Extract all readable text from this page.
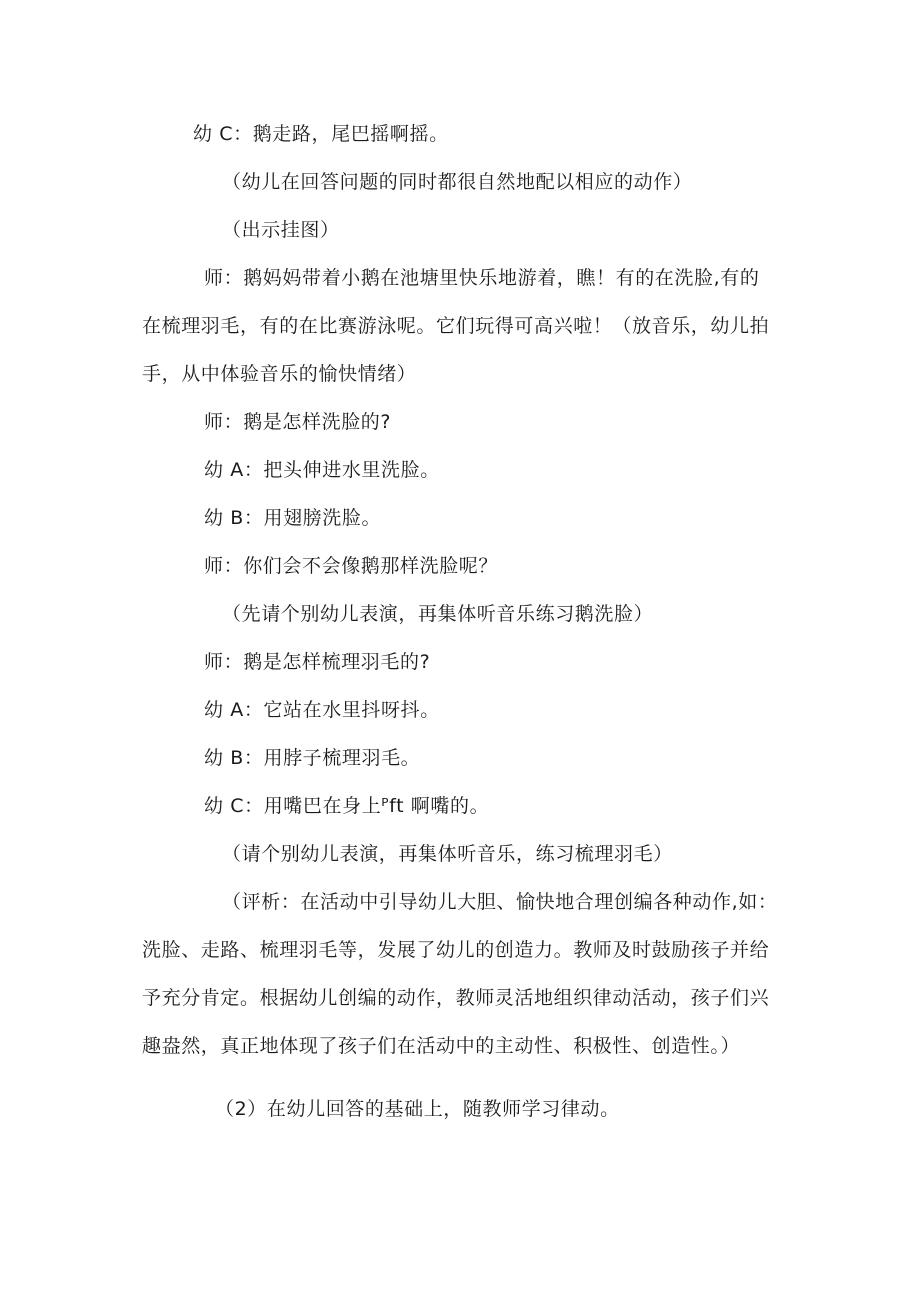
幼 C：鹅走路，尾巴摇啊摇。

（幼儿在回答问题的同时都很自然地配以相应的动作）

（出示挂图）

师：鹅妈妈带着小鹅在池塘里快乐地游着，瞧！有的在洗脸,有的

在梳理羽毛，有的在比赛游泳呢。它们玩得可高兴啦！（放音乐，幼儿拍

手，从中体验音乐的愉快情绪）

师：鹅是怎样洗脸的?

幼 A：把头伸进水里洗脸。

幼 B：用翅膀洗脸。

师：你们会不会像鹅那样洗脸呢？

（先请个别幼儿表演，再集体听音乐练习鹅洗脸）

师：鹅是怎样梳理羽毛的?

幼 A：它站在水里抖呀抖。

幼 B：用脖子梳理羽毛。

幼 C：用嘴巴在身上ᴾft 啊嘴的。

（请个别幼儿表演，再集体听音乐，练习梳理羽毛）

（评析：在活动中引导幼儿大胆、愉快地合理创编各种动作,如：

洗脸、走路、梳理羽毛等，发展了幼儿的创造力。教师及时鼓励孩子并给

予充分肯定。根据幼儿创编的动作，教师灵活地组织律动活动，孩子们兴

趣盎然，真正地体现了孩子们在活动中的主动性、积极性、创造性。）

（2）在幼儿回答的基础上，随教师学习律动。
